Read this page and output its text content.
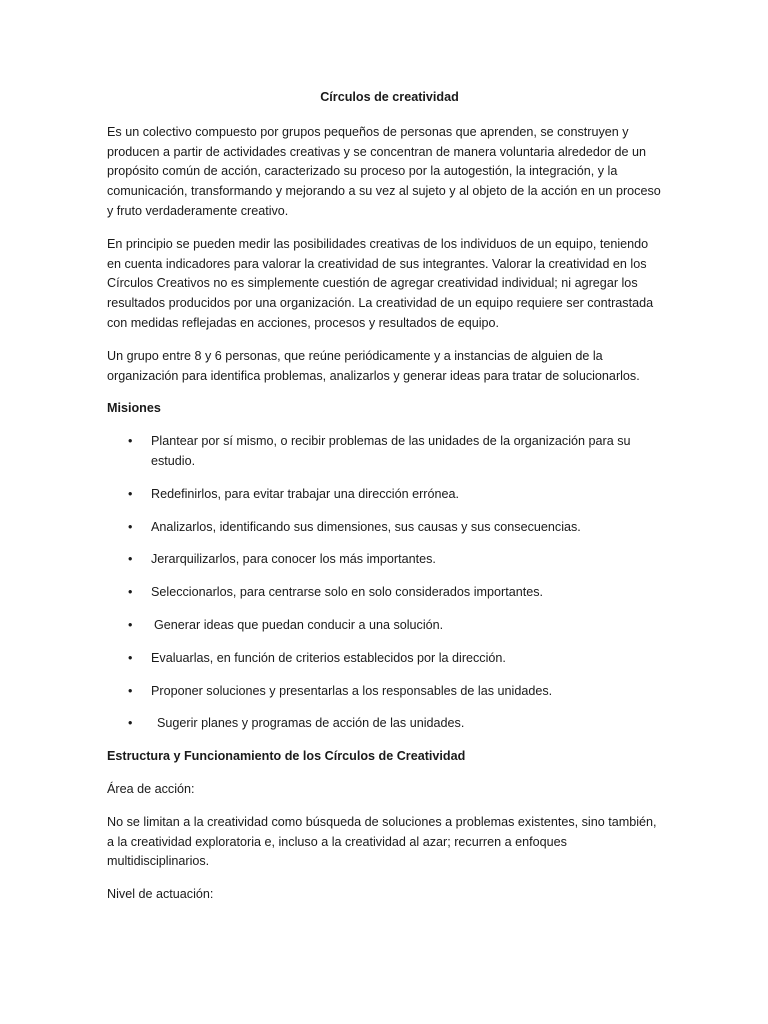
Círculos de creatividad

Es un colectivo compuesto por grupos pequeños de personas que aprenden, se construyen y producen a partir de actividades creativas y se concentran de manera voluntaria alrededor de un propósito común de acción, caracterizado su proceso por la autogestión, la integración, y la comunicación, transformando y mejorando a su vez al sujeto y al objeto de la acción en un proceso y fruto verdaderamente creativo.

En principio se pueden medir las posibilidades creativas de los individuos de un equipo, teniendo en cuenta indicadores para valorar la creatividad de sus integrantes. Valorar la creatividad en los Círculos Creativos no es simplemente cuestión de agregar creatividad individual; ni agregar los resultados producidos por una organización. La creatividad de un equipo requiere ser contrastada con medidas reflejadas en acciones, procesos y resultados de equipo.

Un grupo entre 8 y 6 personas, que reúne periódicamente y a instancias de alguien de la organización para identifica problemas, analizarlos y generar ideas para tratar de solucionarlos.

Misiones
• Plantear por sí mismo, o recibir problemas de las unidades de la organización para su estudio.
• Redefinirlos, para evitar trabajar una dirección errónea.
• Analizarlos, identificando sus dimensiones, sus causas y sus consecuencias.
• Jerarquilizarlos, para conocer los más importantes.
• Seleccionarlos, para centrarse solo en solo considerados importantes.
• Generar ideas que puedan conducir a una solución.
• Evaluarlas, en función de criterios establecidos por la dirección.
• Proponer soluciones y presentarlas a los responsables de las unidades.
• Sugerir planes y programas de acción de las unidades.
Estructura y Funcionamiento de los Círculos de Creatividad

Área de acción:

No se limitan a la creatividad como búsqueda de soluciones a problemas existentes, sino también, a la creatividad exploratoria e, incluso a la creatividad al azar; recurren a enfoques multidisciplinarios.

Nivel de actuación:
